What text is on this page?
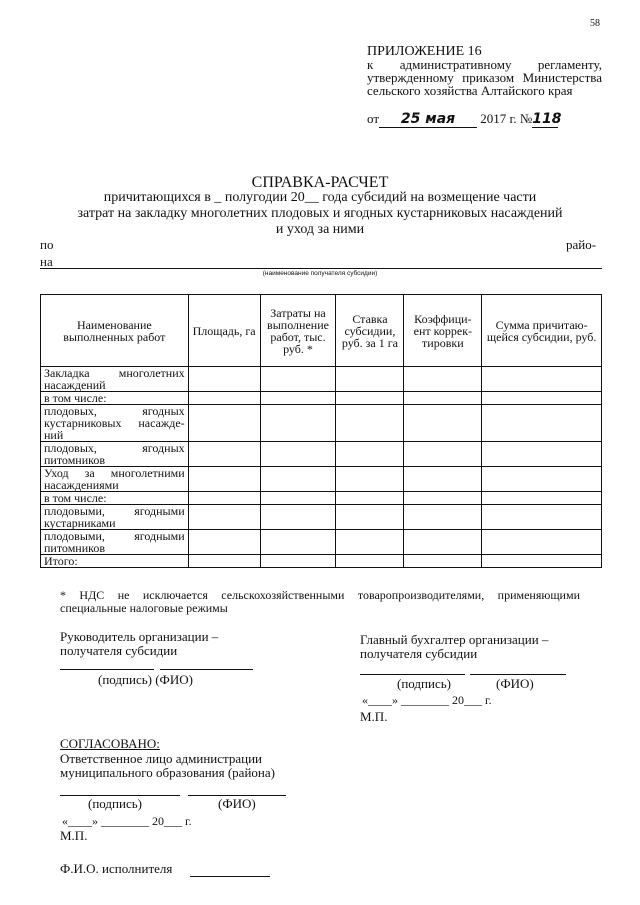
58
ПРИЛОЖЕНИЕ 16
к административному регламенту, утвержденному приказом Министерства сельского хозяйства Алтайского края
от 25 мая 2017 г. №118
СПРАВКА-РАСЧЕТ
причитающихся в _ полугодии 20__ года субсидий на возмещение части
затрат на закладку многолетних плодовых и ягодных кустарниковых насаждений
и уход за ними
по	райо-
на
(наименование получателя субсидии)
Наименование выполненных работ	Площадь, га	Затраты на выполнение работ, тыс. руб. *	Ставка субсидии, руб. за 1 га	Коэффици-ент коррек-тировки	Сумма причитаю-щейся субсидии, руб.
Закладка многолетних насаждений					
в том числе:					
плодовых, ягодных кустарниковых насажде-ний					
плодовых, ягодных питомников					
Уход за многолетними насаждениями					
в том числе:					
плодовыми, ягодными кустарниками					
плодовыми, ягодными питомников					
Итого:					
* НДС не исключается сельскохозяйственными товаропроизводителями, применяющими специальные налоговые режимы
Руководитель организации –
получателя субсидии
(подпись) (ФИО)
Главный бухгалтер организации –
получателя субсидии
(подпись)	(ФИО)
«____» ________ 20___ г.
М.П.
СОГЛАСОВАНО:
Ответственное лицо администрации
муниципального образования (района)
(подпись)	(ФИО)
«____» ________ 20___ г.
М.П.
Ф.И.О. исполнителя
